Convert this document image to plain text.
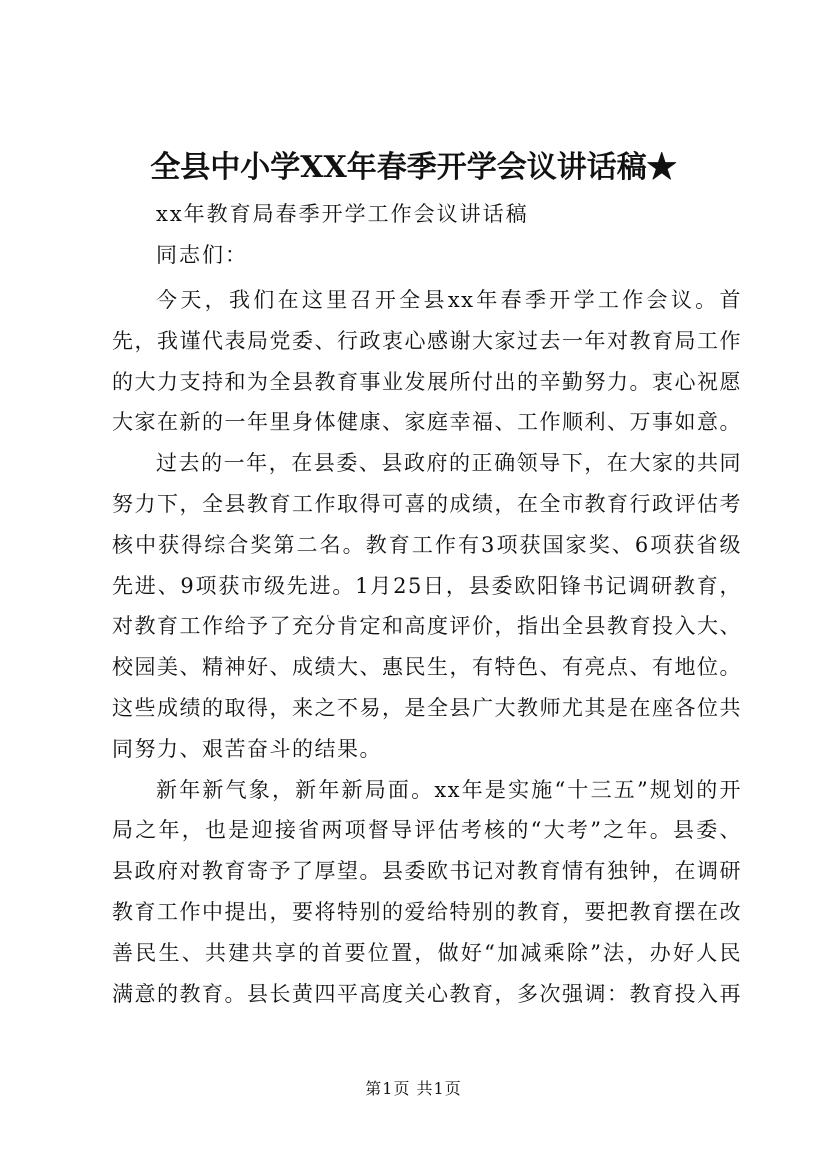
全县中小学XX年春季开学会议讲话稿★
xx年教育局春季开学工作会议讲话稿
同志们：

今天，我们在这里召开全县xx年春季开学工作会议。首先，我谨代表局党委、行政衷心感谢大家过去一年对教育局工作的大力支持和为全县教育事业发展所付出的辛勤努力。衷心祝愿大家在新的一年里身体健康、家庭幸福、工作顺利、万事如意。

过去的一年，在县委、县政府的正确领导下，在大家的共同努力下，全县教育工作取得可喜的成绩，在全市教育行政评估考核中获得综合奖第二名。教育工作有3项获国家奖、6项获省级先进、9项获市级先进。1月25日，县委欧阳锋书记调研教育，对教育工作给予了充分肯定和高度评价，指出全县教育投入大、校园美、精神好、成绩大、惠民生，有特色、有亮点、有地位。这些成绩的取得，来之不易，是全县广大教师尤其是在座各位共同努力、艰苦奋斗的结果。

新年新气象，新年新局面。xx年是实施“十三五”规划的开局之年，也是迎接省两项督导评估考核的“大考”之年。县委、县政府对教育寄予了厚望。县委欧书记对教育情有独钟，在调研教育工作中提出，要将特别的爱给特别的教育，要把教育摆在改善民生、共建共享的首要位置，做好“加减乘除”法，办好人民满意的教育。县长黄四平高度关心教育，多次强调：教育投入再

第1页 共1页
